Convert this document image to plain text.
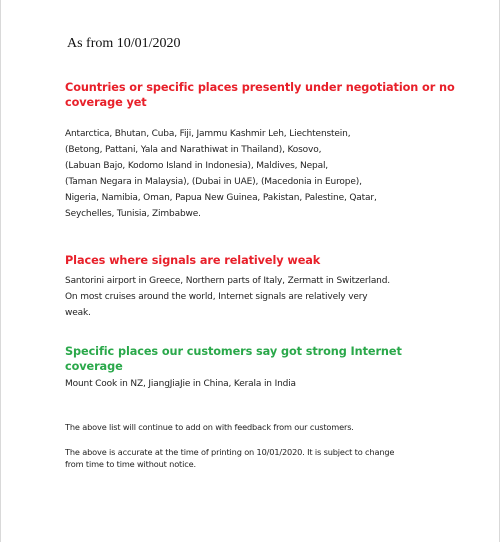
As from 10/01/2020
Countries or specific places presently under negotiation or no
coverage yet
Antarctica, Bhutan, Cuba, Fiji, Jammu Kashmir Leh, Liechtenstein,
(Betong, Pattani, Yala and Narathiwat in Thailand), Kosovo,
(Labuan Bajo, Kodomo Island in Indonesia), Maldives, Nepal,
(Taman Negara in Malaysia), (Dubai in UAE), (Macedonia in Europe),
Nigeria, Namibia, Oman, Papua New Guinea, Pakistan, Palestine, Qatar,
Seychelles, Tunisia, Zimbabwe.
Places where signals are relatively weak
Santorini airport in Greece, Northern parts of Italy, Zermatt in Switzerland.
On most cruises around the world, Internet signals are relatively very
weak.
Specific places our customers say got strong Internet
coverage
Mount Cook in NZ, JiangJiaJie in China, Kerala in India
The above list will continue to add on with feedback from our customers.
The above is accurate at the time of printing on 10/01/2020. It is subject to change
from time to time without notice.
